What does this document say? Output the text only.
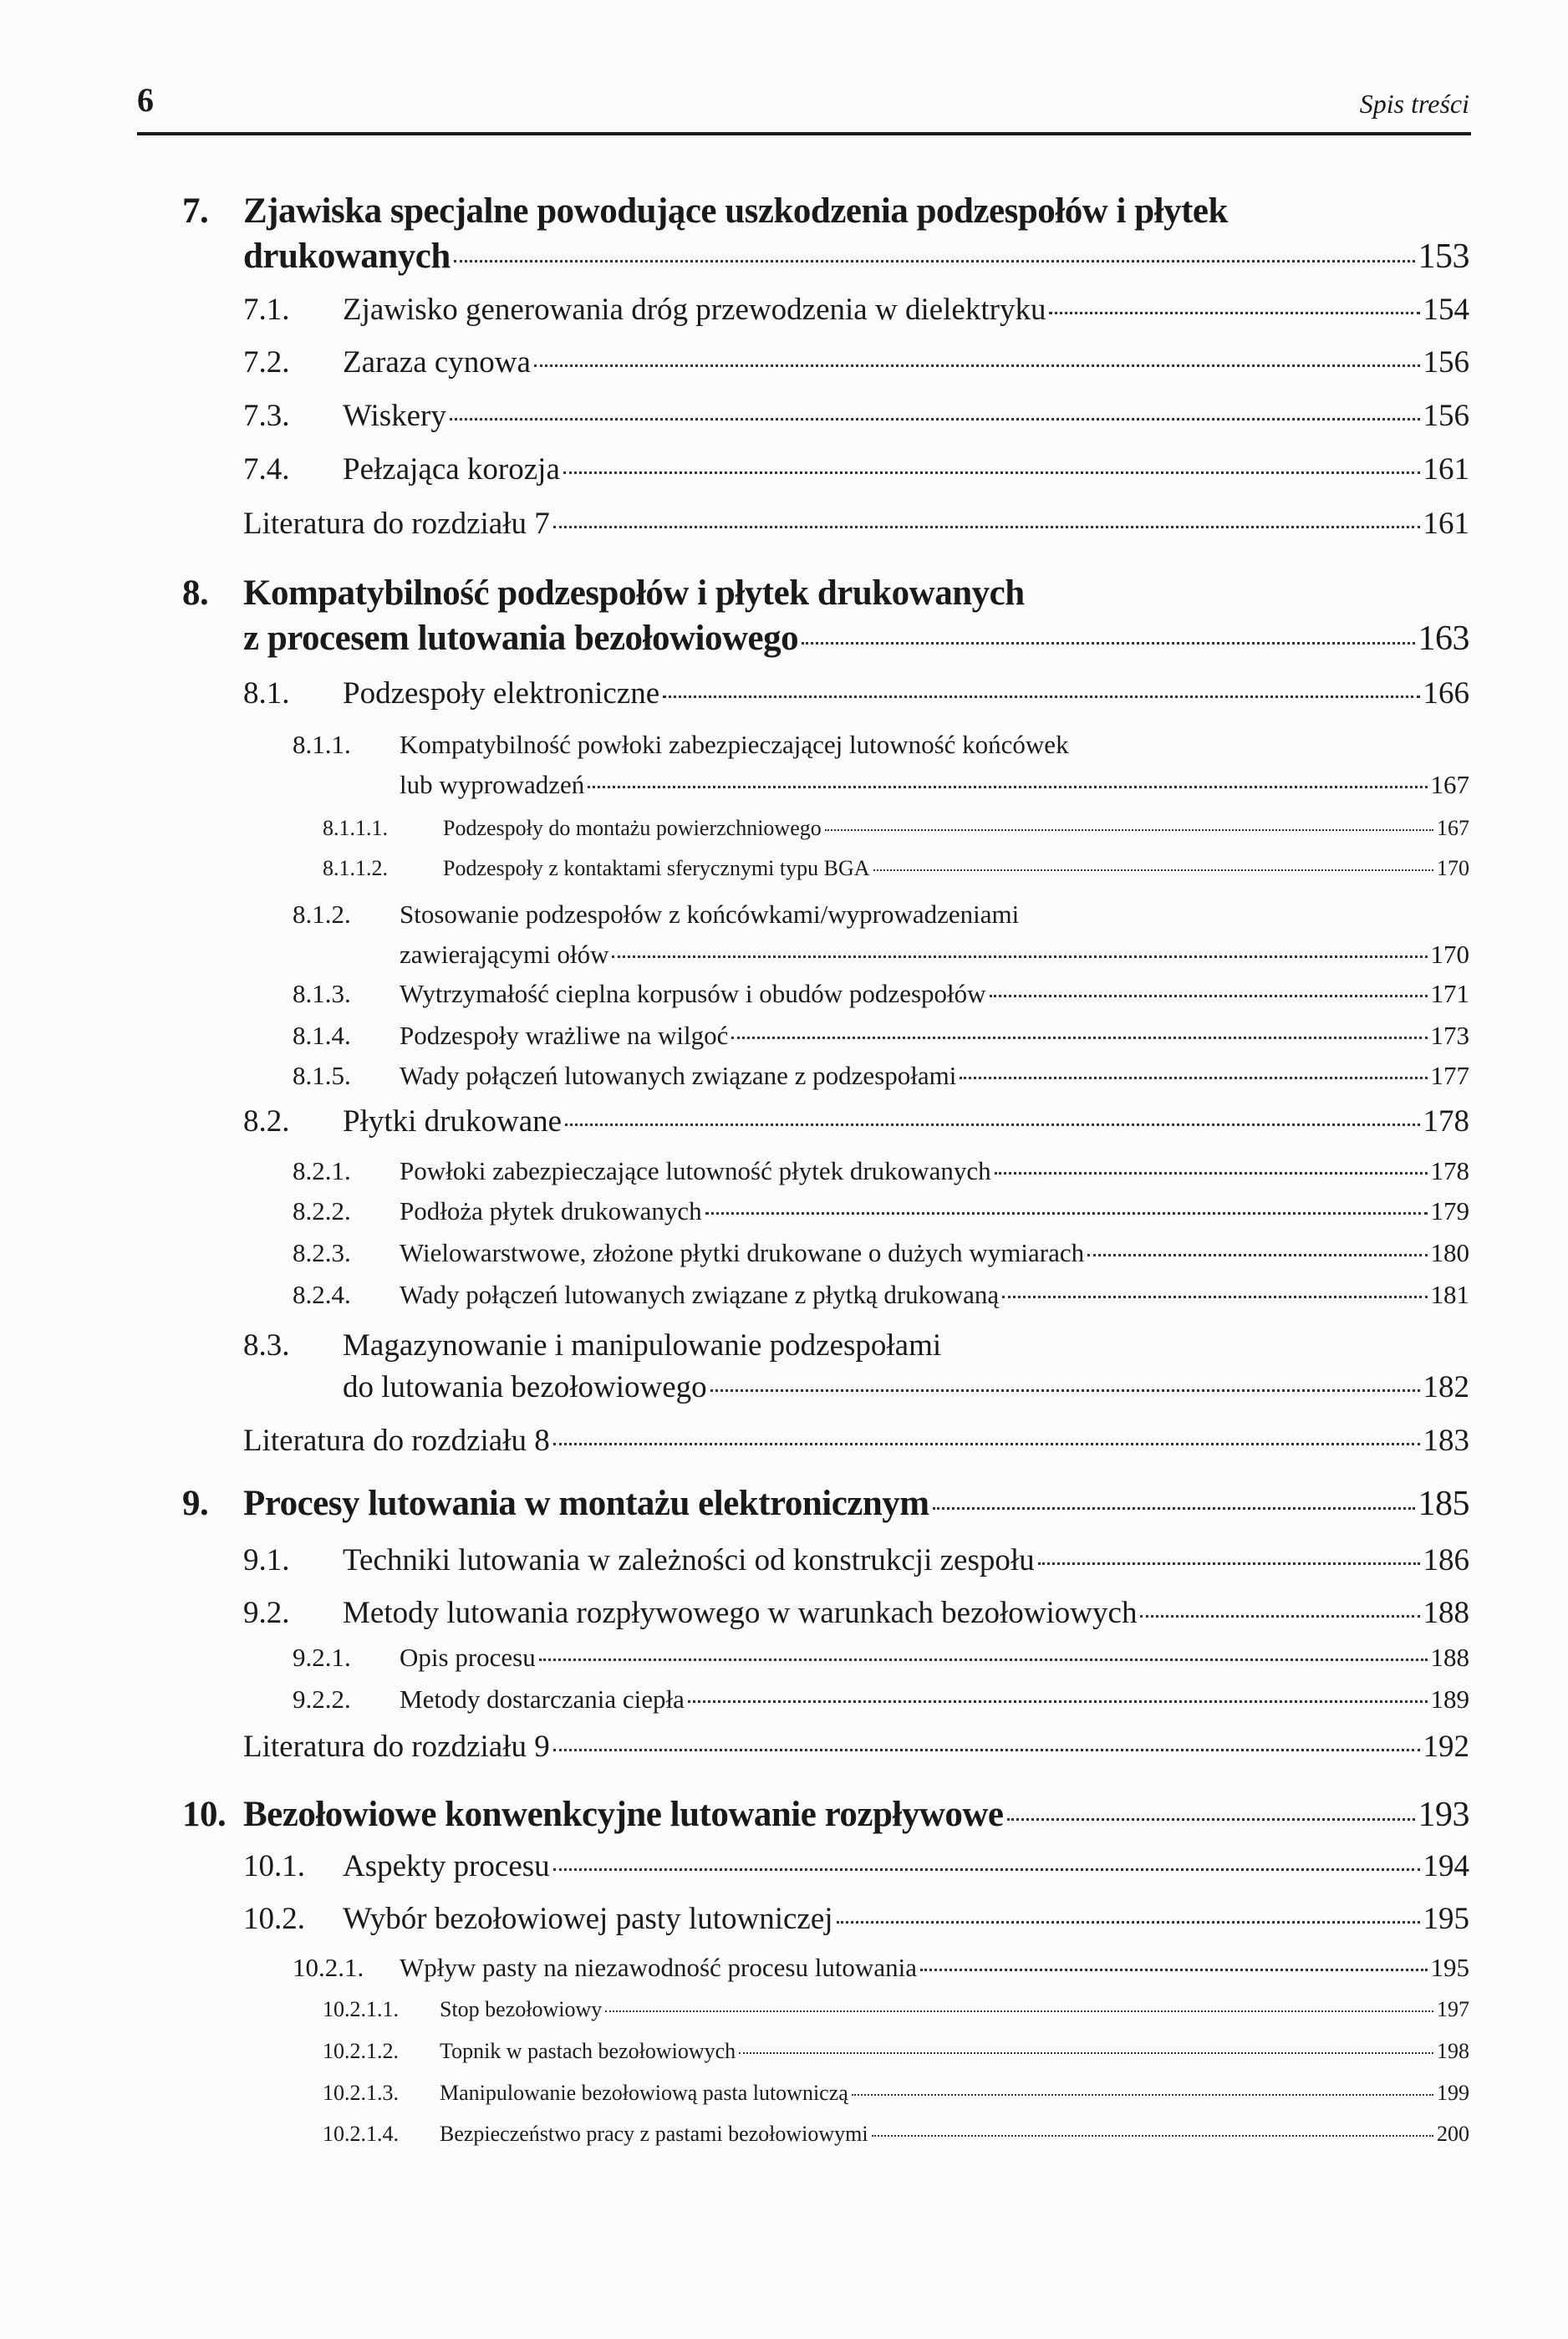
6	Spis treści
7. Zjawiska specjalne powodujące uszkodzenia podzespołów i płytek
drukowanych	153
7.1. Zjawisko generowania dróg przewodzenia w dielektryku	154
7.2. Zaraza cynowa	156
7.3. Wiskery	156
7.4. Pełzająca korozja	161
Literatura do rozdziału 7	161
8. Kompatybilność podzespołów i płytek drukowanych
z procesem lutowania bezołowiowego	163
8.1. Podzespoły elektroniczne	166
8.1.1. Kompatybilność powłoki zabezpieczającej lutowność końcówek
lub wyprowadzeń	167
8.1.1.1.	Podzespoły do montażu powierzchniowego	167
8.1.1.2.	Podzespoły z kontaktami sferycznymi typu BGA	170
8.1.2. Stosowanie podzespołów z końcówkami/wyprowadzeniami
zawierającymi ołów	170
8.1.3. Wytrzymałość cieplna korpusów i obudów podzespołów	171
8.1.4. Podzespoły wrażliwe na wilgoć	173
8.1.5. Wady połączeń lutowanych związane z podzespołami	177
8.2. Płytki drukowane	178
8.2.1. Powłoki zabezpieczające lutowność płytek drukowanych	178
8.2.2. Podłoża płytek drukowanych	179
8.2.3. Wielowarstwowe, złożone płytki drukowane o dużych wymiarach	180
8.2.4. Wady połączeń lutowanych związane z płytką drukowaną	181
8.3. Magazynowanie i manipulowanie podzespołami
do lutowania bezołowiowego	182
Literatura do rozdziału 8	183
9. Procesy lutowania w montażu elektronicznym	185
9.1. Techniki lutowania w zależności od konstrukcji zespołu	186
9.2. Metody lutowania rozpływowego w warunkach bezołowiowych	188
9.2.1. Opis procesu	188
9.2.2. Metody dostarczania ciepła	189
Literatura do rozdziału 9	192
10. Bezołowiowe konwenkcyjne lutowanie rozpływowe	193
10.1. Aspekty procesu	194
10.2. Wybór bezołowiowej pasty lutowniczej	195
10.2.1. Wpływ pasty na niezawodność procesu lutowania	195
10.2.1.1. Stop bezołowiowy	197
10.2.1.2. Topnik w pastach bezołowiowych	198
10.2.1.3. Manipulowanie bezołowiową pasta lutowniczą	199
10.2.1.4. Bezpieczeństwo pracy z pastami bezołowiowymi	200
